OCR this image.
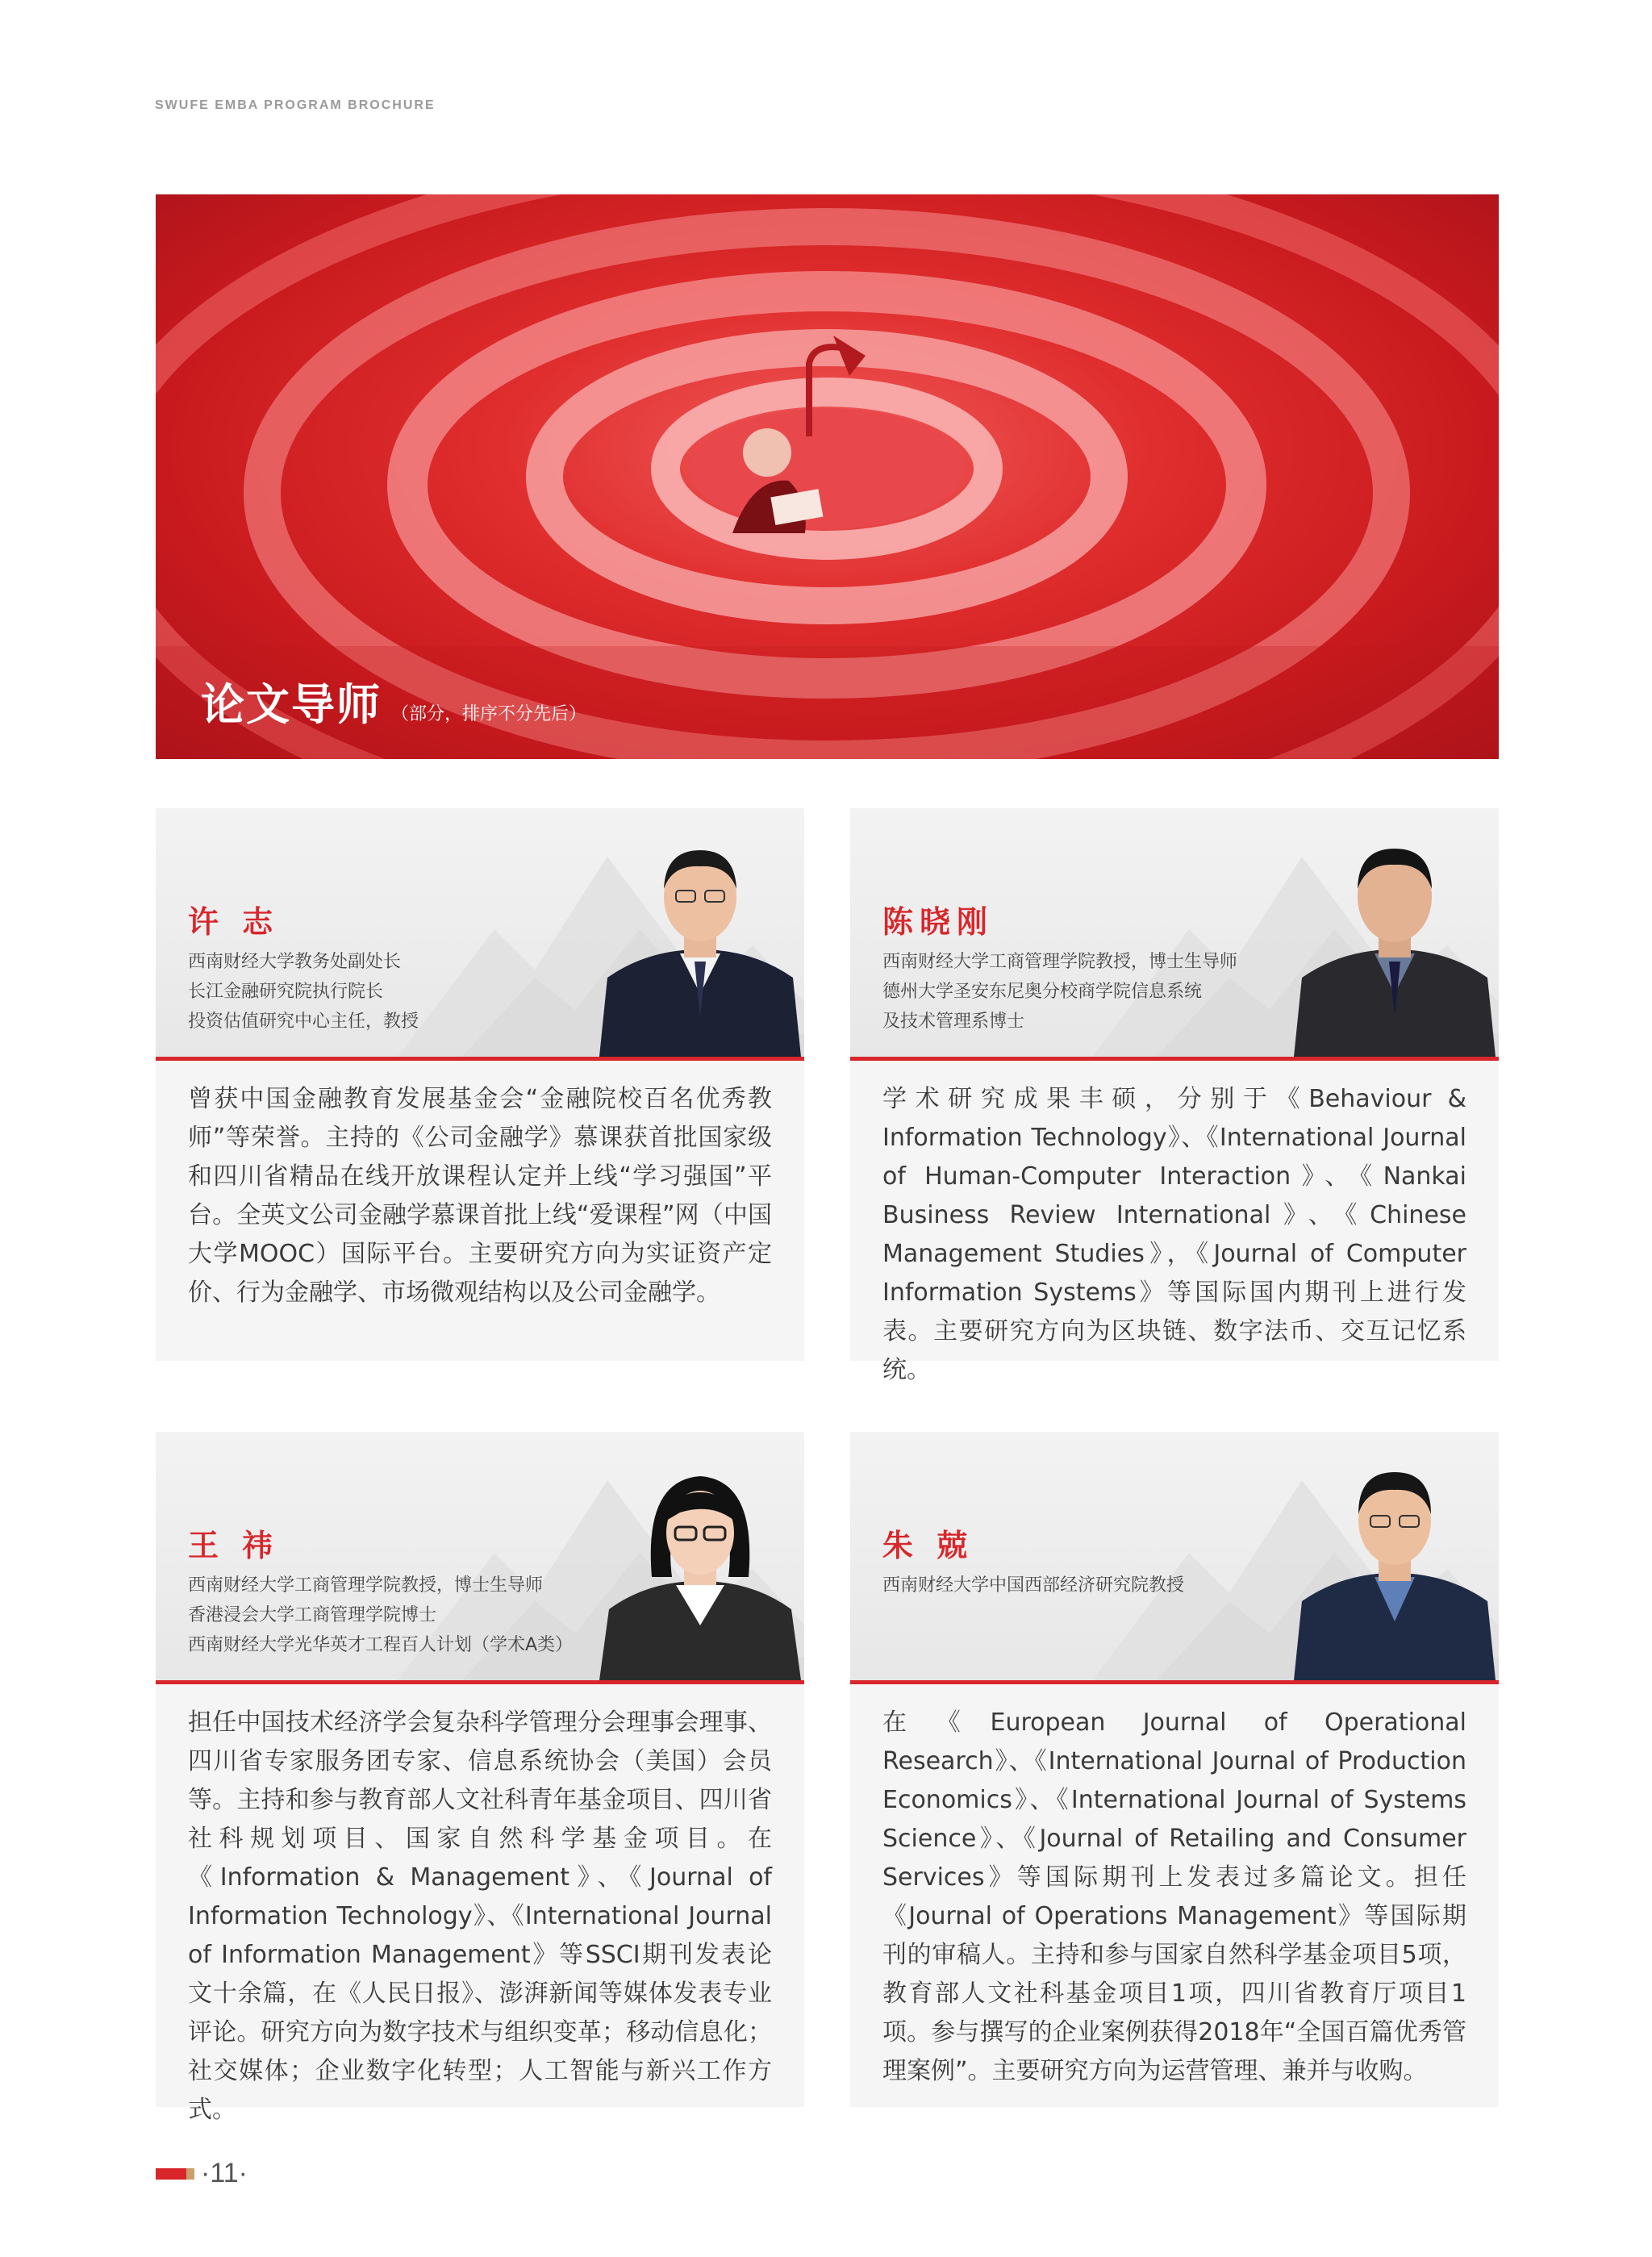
SWUFE EMBA PROGRAM BROCHURE
论文导师 （部分，排序不分先后）
许 志
西南财经大学教务处副处长
长江金融研究院执行院长
投资估值研究中心主任，教授
曾获中国金融教育发展基金会“金融院校百名优秀教师”等荣誉。主持的《公司金融学》慕课获首批国家级和四川省精品在线开放课程认定并上线“学习强国”平台。全英文公司金融学慕课首批上线“爱课程”网（中国大学MOOC）国际平台。主要研究方向为实证资产定价、行为金融学、市场微观结构以及公司金融学。
陈晓刚
西南财经大学工商管理学院教授，博士生导师
德州大学圣安东尼奥分校商学院信息系统
及技术管理系博士
学术研究成果丰硕，分别于《Behaviour & Information Technology》、《International Journal of Human-Computer Interaction》、《Nankai Business Review International》、《Chinese Management Studies》，《Journal of Computer Information Systems》等国际国内期刊上进行发表。主要研究方向为区块链、数字法币、交互记忆系统。
王 祎
西南财经大学工商管理学院教授，博士生导师
香港浸会大学工商管理学院博士
西南财经大学光华英才工程百人计划（学术A类）
担任中国技术经济学会复杂科学管理分会理事会理事、四川省专家服务团专家、信息系统协会（美国）会员等。主持和参与教育部人文社科青年基金项目、四川省社科规划项目、国家自然科学基金项目。在《Information & Management》、《Journal of Information Technology》、《International Journal of Information Management》等SSCI期刊发表论文十余篇，在《人民日报》、澎湃新闻等媒体发表专业评论。研究方向为数字技术与组织变革；移动信息化；社交媒体；企业数字化转型；人工智能与新兴工作方式。
朱 兢
西南财经大学中国西部经济研究院教授
在《European Journal of Operational Research》、《International Journal of Production Economics》、《International Journal of Systems Science》、《Journal of Retailing and Consumer Services》等国际期刊上发表过多篇论文。担任《Journal of Operations Management》等国际期刊的审稿人。主持和参与国家自然科学基金项目5项，教育部人文社科基金项目1项，四川省教育厅项目1项。参与撰写的企业案例获得2018年“全国百篇优秀管理案例”。主要研究方向为运营管理、兼并与收购。
·11·
